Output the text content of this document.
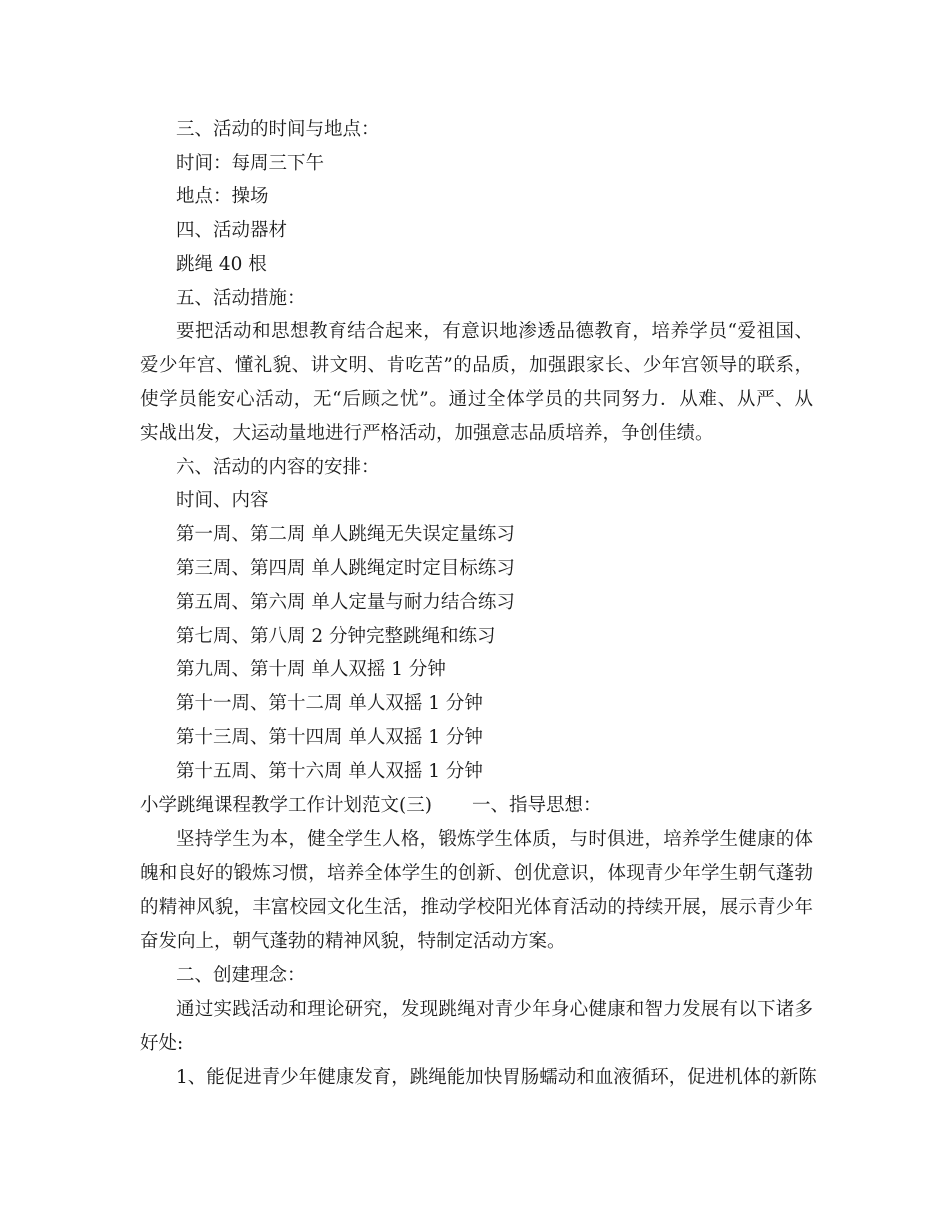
三、活动的时间与地点：
时间：每周三下午
地点：操场
四、活动器材
跳绳 40 根
五、活动措施：
要把活动和思想教育结合起来，有意识地渗透品德教育，培养学员“爱祖国、
爱少年宫、懂礼貌、讲文明、肯吃苦”的品质，加强跟家长、少年宫领导的联系，
使学员能安心活动，无“后顾之忧”。通过全体学员的共同努力．从难、从严、从
实战出发，大运动量地进行严格活动，加强意志品质培养，争创佳绩。
六、活动的内容的安排：
时间、内容
第一周、第二周 单人跳绳无失误定量练习
第三周、第四周 单人跳绳定时定目标练习
第五周、第六周 单人定量与耐力结合练习
第七周、第八周 2 分钟完整跳绳和练习
第九周、第十周 单人双摇 1 分钟
第十一周、第十二周 单人双摇 1 分钟
第十三周、第十四周 单人双摇 1 分钟
第十五周、第十六周 单人双摇 1 分钟
小学跳绳课程教学工作计划范文(三) 一、指导思想：
坚持学生为本，健全学生人格，锻炼学生体质，与时俱进，培养学生健康的体
魄和良好的锻炼习惯，培养全体学生的创新、创优意识，体现青少年学生朝气蓬勃
的精神风貌，丰富校园文化生活，推动学校阳光体育活动的持续开展，展示青少年
奋发向上，朝气蓬勃的精神风貌，特制定活动方案。
二、创建理念：
通过实践活动和理论研究，发现跳绳对青少年身心健康和智力发展有以下诸多
好处:
1、能促进青少年健康发育，跳绳能加快胃肠蠕动和血液循环，促进机体的新陈
